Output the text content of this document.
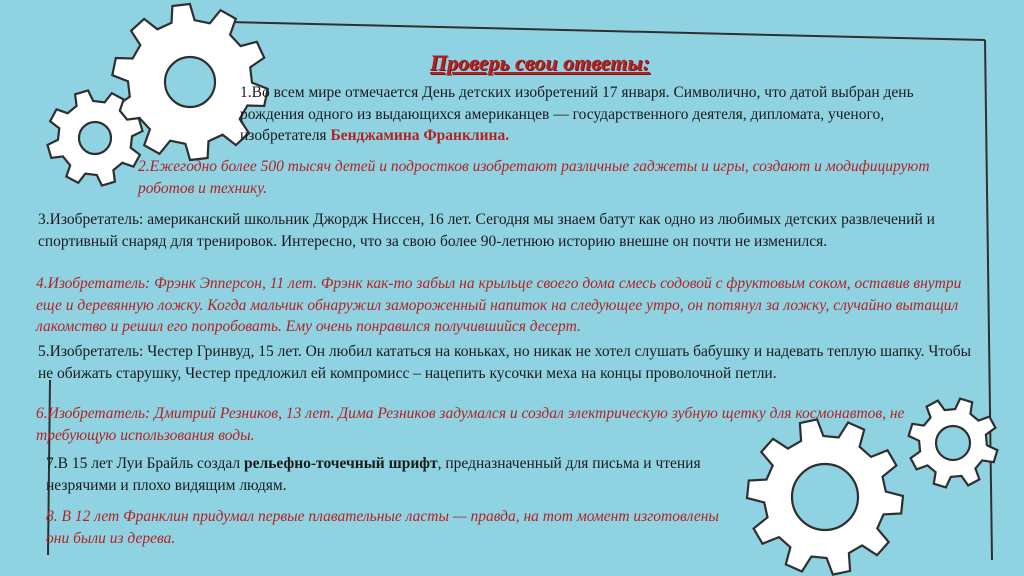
Проверь свои ответы:

1.Во всем мире отмечается День детских изобретений 17 января. Символично, что датой выбран день рождения одного из выдающихся американцев — государственного деятеля, дипломата, ученого, изобретателя Бенджамина Франклина.

2.Ежегодно более 500 тысяч детей и подростков изобретают различные гаджеты и игры, создают и модифицируют роботов и технику.

3.Изобретатель: американский школьник Джордж Ниссен, 16 лет. Сегодня мы знаем батут как одно из любимых детских развлечений и спортивный снаряд для тренировок. Интересно, что за свою более 90-летнюю историю внешне он почти не изменился.

4.Изобретатель: Фрэнк Эпперсон, 11 лет. Фрэнк как-то забыл на крыльце своего дома смесь содовой с фруктовым соком, оставив внутри еще и деревянную ложку. Когда мальчик обнаружил замороженный напиток на следующее утро, он потянул за ложку, случайно вытащил лакомство и решил его попробовать. Ему очень понравился получившийся десерт.

5.Изобретатель: Честер Гринвуд, 15 лет. Он любил кататься на коньках, но никак не хотел слушать бабушку и надевать теплую шапку. Чтобы не обижать старушку, Честер предложил ей компромисс – нацепить кусочки меха на концы проволочной петли.

6.Изобретатель: Дмитрий Резников, 13 лет. Дима Резников задумался и создал электрическую зубную щетку для космонавтов, не требующую использования воды.

7.В 15 лет Луи Брайль создал рельефно-точечный шрифт, предназначенный для письма и чтения незрячими и плохо видящим людям.

8. В 12 лет Франклин придумал первые плавательные ласты — правда, на тот момент изготовлены они были из дерева.
